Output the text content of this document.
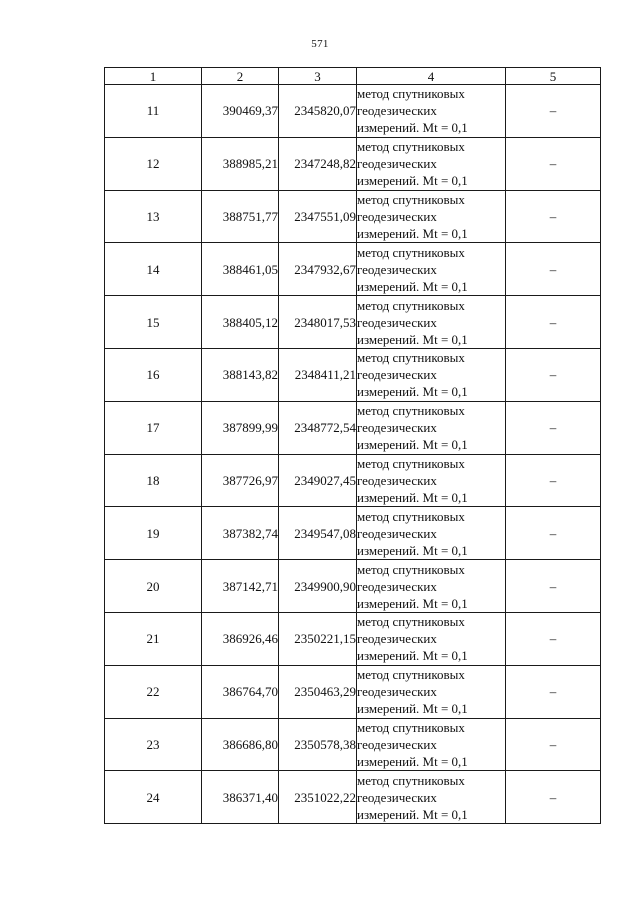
571
1	2	3	4	5
11	390469,37	2345820,07	метод спутниковых
геодезических
измерений. Mt = 0,1	–
12	388985,21	2347248,82	метод спутниковых
геодезических
измерений. Mt = 0,1	–
13	388751,77	2347551,09	метод спутниковых
геодезических
измерений. Mt = 0,1	–
14	388461,05	2347932,67	метод спутниковых
геодезических
измерений. Mt = 0,1	–
15	388405,12	2348017,53	метод спутниковых
геодезических
измерений. Mt = 0,1	–
16	388143,82	2348411,21	метод спутниковых
геодезических
измерений. Mt = 0,1	–
17	387899,99	2348772,54	метод спутниковых
геодезических
измерений. Mt = 0,1	–
18	387726,97	2349027,45	метод спутниковых
геодезических
измерений. Mt = 0,1	–
19	387382,74	2349547,08	метод спутниковых
геодезических
измерений. Mt = 0,1	–
20	387142,71	2349900,90	метод спутниковых
геодезических
измерений. Mt = 0,1	–
21	386926,46	2350221,15	метод спутниковых
геодезических
измерений. Mt = 0,1	–
22	386764,70	2350463,29	метод спутниковых
геодезических
измерений. Mt = 0,1	–
23	386686,80	2350578,38	метод спутниковых
геодезических
измерений. Mt = 0,1	–
24	386371,40	2351022,22	метод спутниковых
геодезических
измерений. Mt = 0,1	–
